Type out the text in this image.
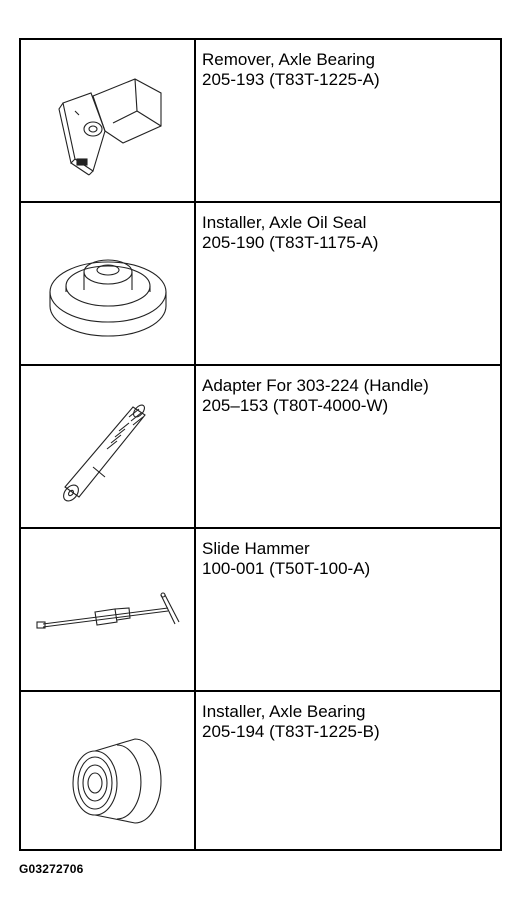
Remover, Axle Bearing
205-193 (T83T-1225-A)
Installer, Axle Oil Seal
205-190 (T83T-1175-A)
Adapter For 303-224 (Handle)
205–153 (T80T-4000-W)
Slide Hammer
100-001 (T50T-100-A)
Installer, Axle Bearing
205-194 (T83T-1225-B)
G03272706
